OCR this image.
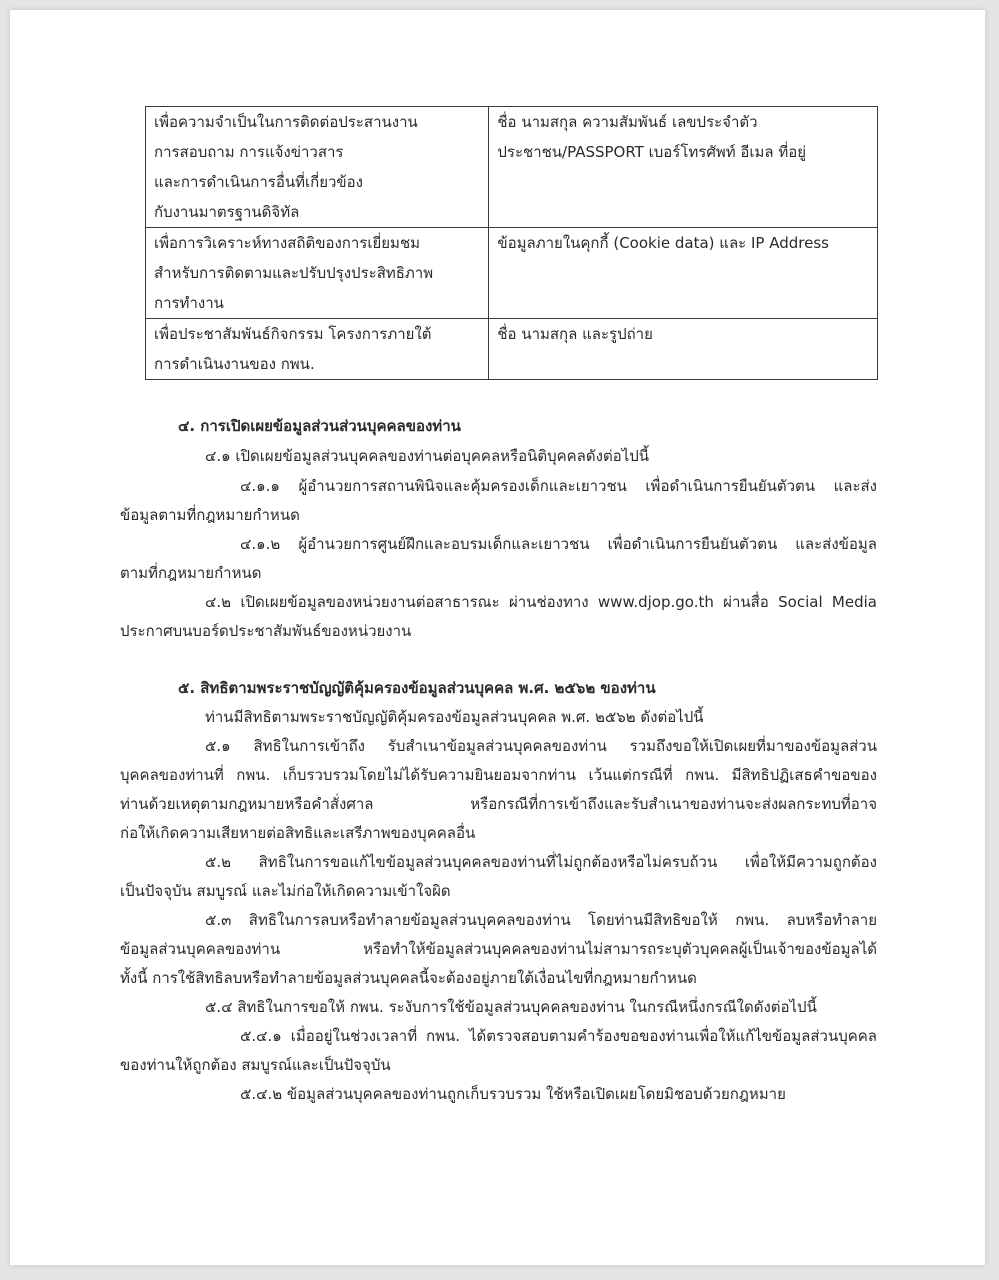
เพื่อความจำเป็นในการติดต่อประสานงาน
การสอบถาม การแจ้งข่าวสาร
และการดำเนินการอื่นที่เกี่ยวข้อง
กับงานมาตรฐานดิจิทัล	ชื่อ นามสกุล ความสัมพันธ์ เลขประจำตัว
ประชาชน/PASSPORT เบอร์โทรศัพท์ อีเมล ที่อยู่

เพื่อการวิเคราะห์ทางสถิติของการเยี่ยมชม
สำหรับการติดตามและปรับปรุงประสิทธิภาพ
การทำงาน	ข้อมูลภายในคุกกี้ (Cookie data) และ IP Address

เพื่อประชาสัมพันธ์กิจกรรม โครงการภายใต้
การดำเนินงานของ กพน.	ชื่อ นามสกุล และรูปถ่าย
๔. การเปิดเผยข้อมูลส่วนส่วนบุคคลของท่าน
๔.๑ เปิดเผยข้อมูลส่วนบุคคลของท่านต่อบุคคลหรือนิติบุคคลดังต่อไปนี้
๔.๑.๑ ผู้อำนวยการสถานพินิจและคุ้มครองเด็กและเยาวชน เพื่อดำเนินการยืนยันตัวตน และส่ง
ข้อมูลตามที่กฎหมายกำหนด
๔.๑.๒ ผู้อำนวยการศูนย์ฝึกและอบรมเด็กและเยาวชน เพื่อดำเนินการยืนยันตัวตน และส่งข้อมูล
ตามที่กฎหมายกำหนด
๔.๒ เปิดเผยข้อมูลของหน่วยงานต่อสาธารณะ ผ่านช่องทาง www.djop.go.th ผ่านสื่อ Social Media
ประกาศบนบอร์ดประชาสัมพันธ์ของหน่วยงาน
๕. สิทธิตามพระราชบัญญัติคุ้มครองข้อมูลส่วนบุคคล พ.ศ. ๒๕๖๒ ของท่าน
ท่านมีสิทธิตามพระราชบัญญัติคุ้มครองข้อมูลส่วนบุคคล พ.ศ. ๒๕๖๒ ดังต่อไปนี้
๕.๑ สิทธิในการเข้าถึง รับสำเนาข้อมูลส่วนบุคคลของท่าน รวมถึงขอให้เปิดเผยที่มาของข้อมูลส่วน
บุคคลของท่านที่ กพน. เก็บรวบรวมโดยไม่ได้รับความยินยอมจากท่าน เว้นแต่กรณีที่ กพน. มีสิทธิปฏิเสธคำขอของ
ท่านด้วยเหตุตามกฎหมายหรือคำสั่งศาล หรือกรณีที่การเข้าถึงและรับสำเนาของท่านจะส่งผลกระทบที่อาจ
ก่อให้เกิดความเสียหายต่อสิทธิและเสรีภาพของบุคคลอื่น
๕.๒ สิทธิในการขอแก้ไขข้อมูลส่วนบุคคลของท่านที่ไม่ถูกต้องหรือไม่ครบถ้วน เพื่อให้มีความถูกต้อง
เป็นปัจจุบัน สมบูรณ์ และไม่ก่อให้เกิดความเข้าใจผิด
๕.๓ สิทธิในการลบหรือทำลายข้อมูลส่วนบุคคลของท่าน โดยท่านมีสิทธิขอให้ กพน. ลบหรือทำลาย
ข้อมูลส่วนบุคคลของท่าน หรือทำให้ข้อมูลส่วนบุคคลของท่านไม่สามารถระบุตัวบุคคลผู้เป็นเจ้าของข้อมูลได้
ทั้งนี้ การใช้สิทธิลบหรือทำลายข้อมูลส่วนบุคคลนี้จะต้องอยู่ภายใต้เงื่อนไขที่กฎหมายกำหนด
๕.๔ สิทธิในการขอให้ กพน. ระงับการใช้ข้อมูลส่วนบุคคลของท่าน ในกรณีหนึ่งกรณีใดดังต่อไปนี้
๕.๔.๑ เมื่ออยู่ในช่วงเวลาที่ กพน. ได้ตรวจสอบตามคำร้องขอของท่านเพื่อให้แก้ไขข้อมูลส่วนบุคคล
ของท่านให้ถูกต้อง สมบูรณ์และเป็นปัจจุบัน
๕.๔.๒ ข้อมูลส่วนบุคคลของท่านถูกเก็บรวบรวม ใช้หรือเปิดเผยโดยมิชอบด้วยกฎหมาย
